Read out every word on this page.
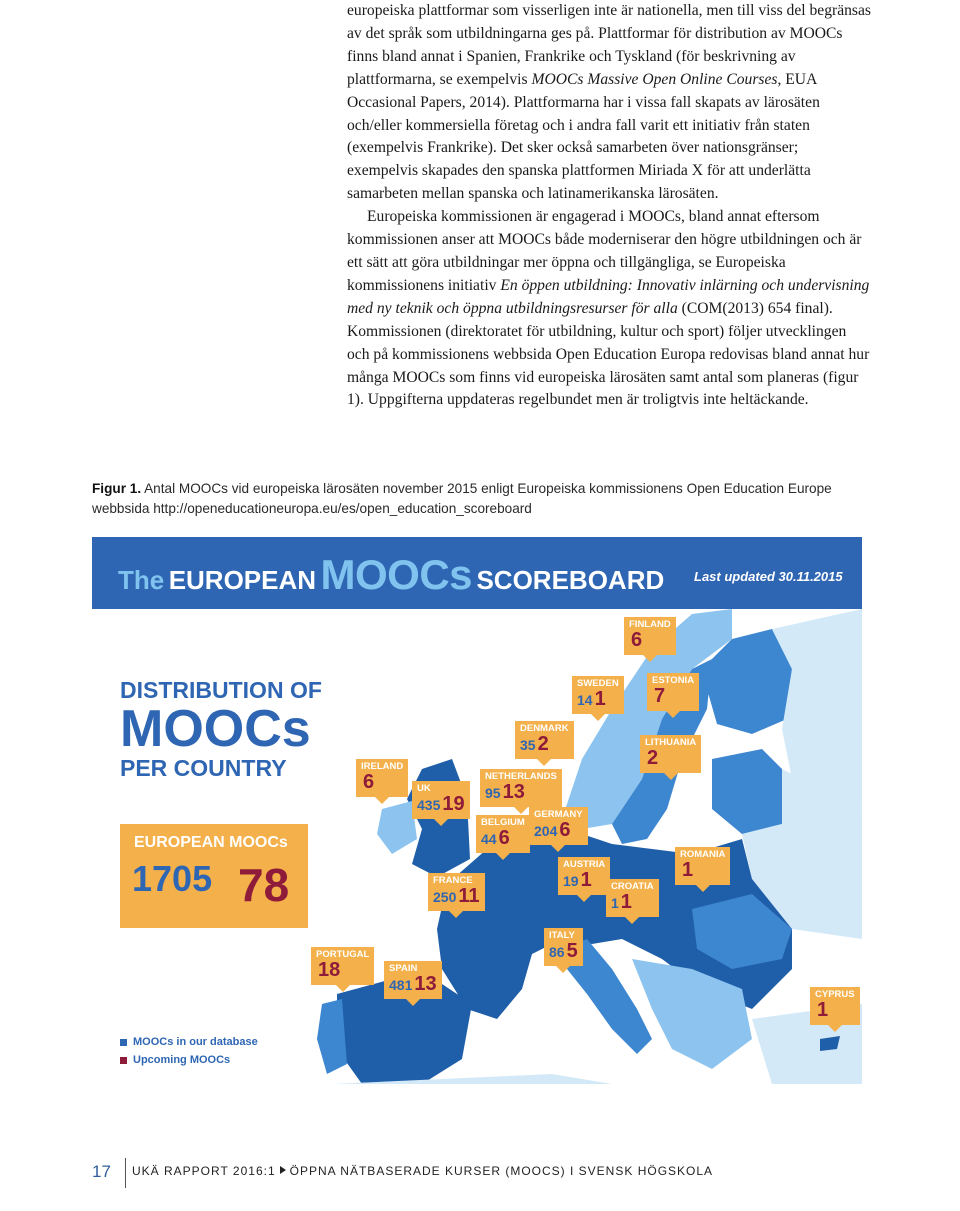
europeiska plattformar som visserligen inte är nationella, men till viss del begränsas av det språk som utbildningarna ges på. Plattformar för distribution av MOOCs finns bland annat i Spanien, Frankrike och Tyskland (för beskrivning av plattformarna, se exempelvis MOOCs Massive Open Online Courses, EUA Occasional Papers, 2014). Plattformarna har i vissa fall skapats av lärosäten och/eller kommersiella företag och i andra fall varit ett initiativ från staten (exempelvis Frankrike). Det sker också samarbeten över nationsgränser; exempelvis skapades den spanska plattformen Miriada X för att underlätta samarbeten mellan spanska och latinamerikanska lärosäten.

Europeiska kommissionen är engagerad i MOOCs, bland annat eftersom kommissionen anser att MOOCs både moderniserar den högre utbildningen och är ett sätt att göra utbildningar mer öppna och tillgängliga, se Europeiska kommissionens initiativ En öppen utbildning: Innovativ inlärning och undervisning med ny teknik och öppna utbildningsresurser för alla (COM(2013) 654 final). Kommissionen (direktoratet för utbildning, kultur och sport) följer utvecklingen och på kommissionens webbsida Open Education Europa redovisas bland annat hur många MOOCs som finns vid europeiska lärosäten samt antal som planeras (figur 1). Uppgifterna uppdateras regelbundet men är troligtvis inte heltäckande.

Figur 1. Antal MOOCs vid europeiska lärosäten november 2015 enligt Europeiska kommissionens Open Education Europe webbsida http://openeducationeuropa.eu/es/open_education_scoreboard
The EUROPEAN MOOCs SCOREBOARD Last updated 30.11.2015
DISTRIBUTION OF
MOOCs
PER COUNTRY
EUROPEAN MOOCs
1705 78
FINLAND
6
SWEDEN
14 1
ESTONIA
7
DENMARK
35 2	LITHUANIA
2
IRELAND
6	UK
435 19
NETHERLANDS
95 13
BELGIUM
44 6
GERMANY
204 6
FRANCE
250 11
AUSTRIA
19 1
ROMANIA
1
CROATIA
1 1
ITALY
86 5
PORTUGAL
18	SPAIN
481 13	CYPRUS
1
MOOCs in our database
Upcoming MOOCs
17 UKÄ RAPPORT 2016:1 ÖPPNA NÄTBASERADE KURSER (MOOCS) I SVENSK HÖGSKOLA
